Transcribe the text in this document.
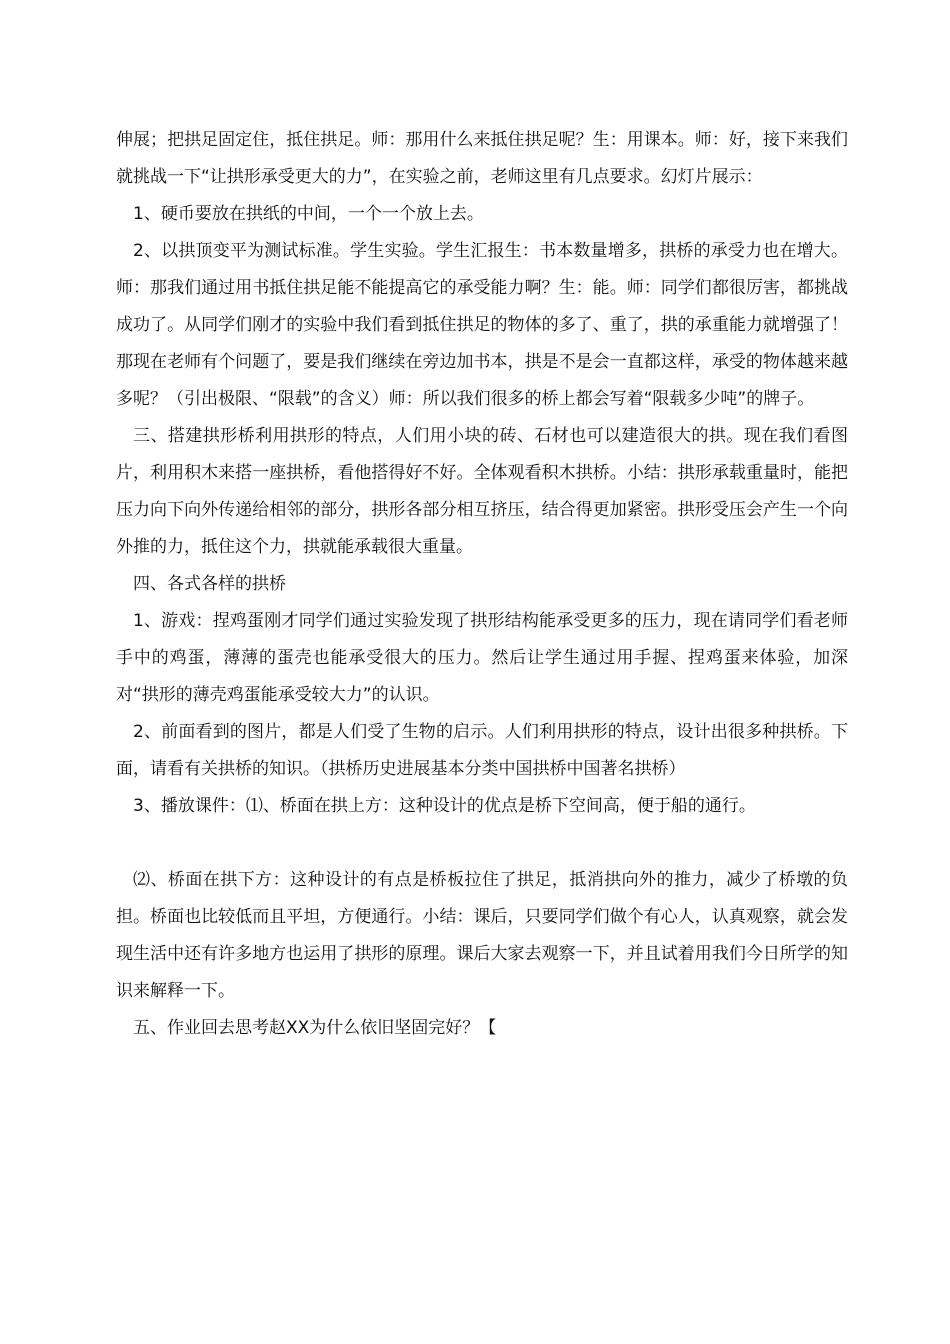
伸展；把拱足固定住，抵住拱足。师：那用什么来抵住拱足呢？生：用课本。师：好，接下来我们就挑战一下“让拱形承受更大的力”，在实验之前，老师这里有几点要求。幻灯片展示：

1、硬币要放在拱纸的中间，一个一个放上去。

2、以拱顶变平为测试标准。学生实验。学生汇报生：书本数量增多，拱桥的承受力也在增大。师：那我们通过用书抵住拱足能不能提高它的承受能力啊？生：能。师：同学们都很厉害，都挑战成功了。从同学们刚才的实验中我们看到抵住拱足的物体的多了、重了，拱的承重能力就增强了！那现在老师有个问题了，要是我们继续在旁边加书本，拱是不是会一直都这样，承受的物体越来越多呢？（引出极限、“限载”的含义）师：所以我们很多的桥上都会写着“限载多少吨”的牌子。

三、搭建拱形桥利用拱形的特点，人们用小块的砖、石材也可以建造很大的拱。现在我们看图片，利用积木来搭一座拱桥，看他搭得好不好。全体观看积木拱桥。小结：拱形承载重量时，能把压力向下向外传递给相邻的部分，拱形各部分相互挤压，结合得更加紧密。拱形受压会产生一个向外推的力，抵住这个力，拱就能承载很大重量。

四、各式各样的拱桥

1、游戏：捏鸡蛋刚才同学们通过实验发现了拱形结构能承受更多的压力，现在请同学们看老师手中的鸡蛋，薄薄的蛋壳也能承受很大的压力。然后让学生通过用手握、捏鸡蛋来体验，加深对“拱形的薄壳鸡蛋能承受较大力”的认识。

2、前面看到的图片，都是人们受了生物的启示。人们利用拱形的特点，设计出很多种拱桥。下面，请看有关拱桥的知识。（拱桥历史进展基本分类中国拱桥中国著名拱桥）

3、播放课件：⑴、桥面在拱上方：这种设计的优点是桥下空间高，便于船的通行。

⑵、桥面在拱下方：这种设计的有点是桥板拉住了拱足，抵消拱向外的推力，减少了桥墩的负担。桥面也比较低而且平坦，方便通行。小结：课后，只要同学们做个有心人，认真观察，就会发现生活中还有许多地方也运用了拱形的原理。课后大家去观察一下，并且试着用我们今日所学的知识来解释一下。

五、作业回去思考赵XX为什么依旧坚固完好？【
